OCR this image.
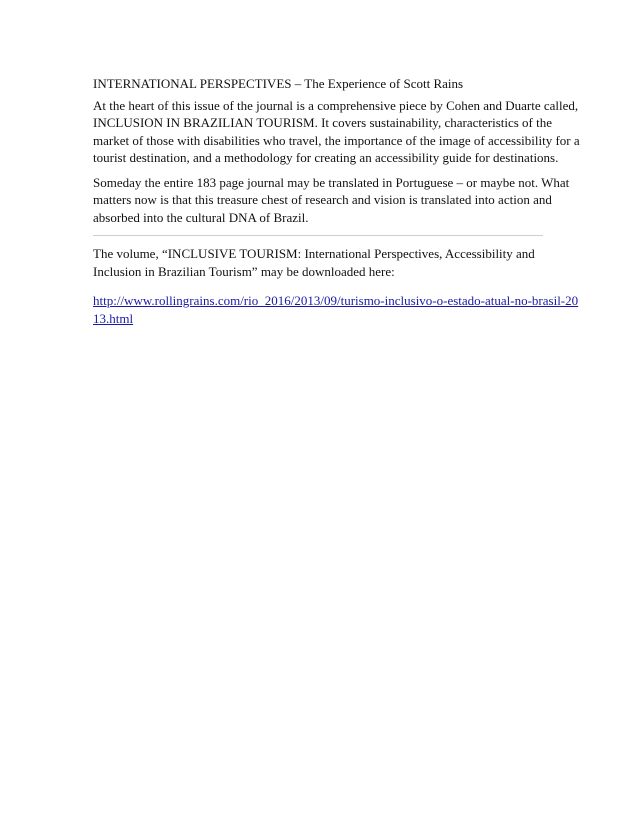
INTERNATIONAL PERSPECTIVES – The Experience of Scott Rains

At the heart of this issue of the journal is a comprehensive piece by Cohen and Duarte called, INCLUSION IN BRAZILIAN TOURISM. It covers sustainability, characteristics of the market of those with disabilities who travel, the importance of the image of accessibility for a tourist destination, and a methodology for creating an accessibility guide for destinations.

Someday the entire 183 page journal may be translated in Portuguese – or maybe not. What matters now is that this treasure chest of research and vision is translated into action and absorbed into the cultural DNA of Brazil.

The volume, “INCLUSIVE TOURISM: International Perspectives, Accessibility and Inclusion in Brazilian Tourism” may be downloaded here:

http://www.rollingrains.com/rio_2016/2013/09/turismo-inclusivo-o-estado-atual-no-brasil-2013.html
